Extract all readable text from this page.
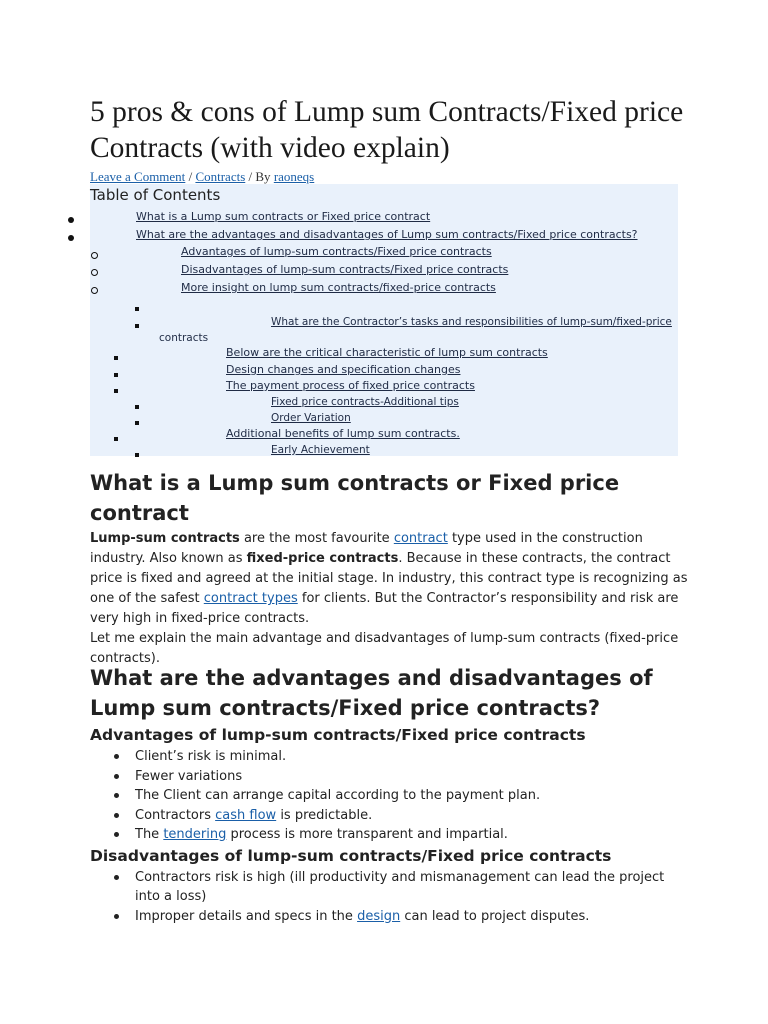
5 pros & cons of Lump sum Contracts/Fixed price Contracts (with video explain)
Leave a Comment / Contracts / By raoneqs
Table of Contents
What is a Lump sum contracts or Fixed price contract
What are the advantages and disadvantages of Lump sum contracts/Fixed price contracts?
Advantages of lump-sum contracts/Fixed price contracts
Disadvantages of lump-sum contracts/Fixed price contracts
More insight on lump sum contracts/fixed-price contracts
What are the Contractor’s tasks and responsibilities of lump-sum/fixed-price
contracts
Below are the critical characteristic of lump sum contracts
Design changes and specification changes
The payment process of fixed price contracts
Fixed price contracts-Additional tips
Order Variation
Additional benefits of lump sum contracts.
Early Achievement
What is a Lump sum contracts or Fixed price contract

Lump-sum contracts are the most favourite contract type used in the construction industry. Also known as fixed-price contracts. Because in these contracts, the contract price is fixed and agreed at the initial stage. In industry, this contract type is recognizing as one of the safest contract types for clients. But the Contractor’s responsibility and risk are very high in fixed-price contracts.

Let me explain the main advantage and disadvantages of lump-sum contracts (fixed-price contracts).

What are the advantages and disadvantages of Lump sum contracts/Fixed price contracts?
Advantages of lump-sum contracts/Fixed price contracts
Client’s risk is minimal.
Fewer variations
The Client can arrange capital according to the payment plan.
Contractors cash flow is predictable.
The tendering process is more transparent and impartial.
Disadvantages of lump-sum contracts/Fixed price contracts
Contractors risk is high (ill productivity and mismanagement can lead the project into a loss)
Improper details and specs in the design can lead to project disputes.
